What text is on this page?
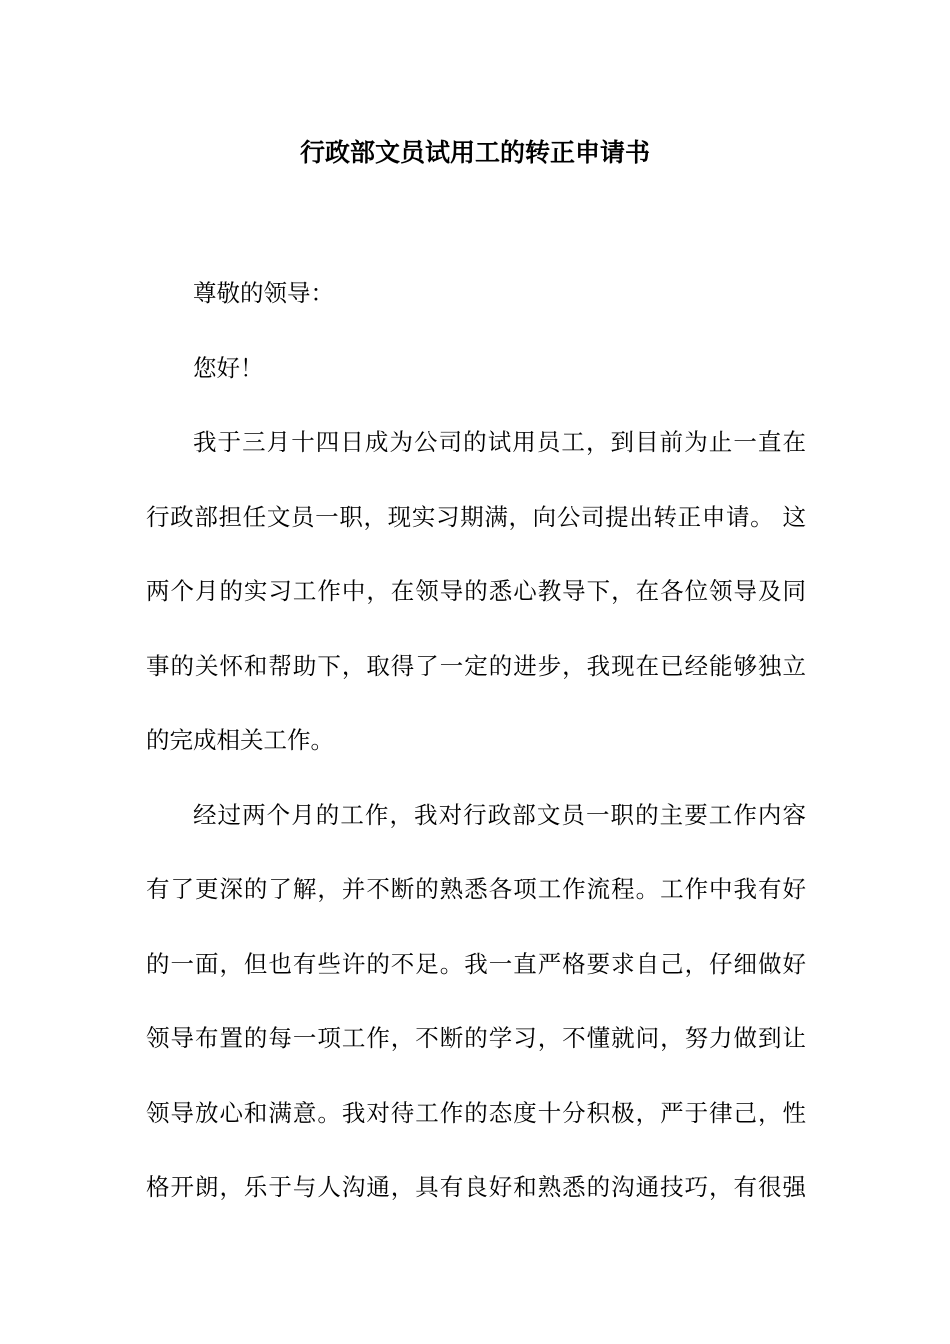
行政部文员试用工的转正申请书
尊敬的领导：
您好！
我于三月十四日成为公司的试用员工，到目前为止一直在
行政部担任文员一职，现实习期满，向公司提出转正申请。 这
两个月的实习工作中，在领导的悉心教导下，在各位领导及同
事的关怀和帮助下，取得了一定的进步，我现在已经能够独立
的完成相关工作。
经过两个月的工作，我对行政部文员一职的主要工作内容
有了更深的了解，并不断的熟悉各项工作流程。工作中我有好
的一面，但也有些许的不足。我一直严格要求自己，仔细做好
领导布置的每一项工作，不断的学习，不懂就问，努力做到让
领导放心和满意。我对待工作的态度十分积极，严于律己，性
格开朗，乐于与人沟通，具有良好和熟悉的沟通技巧，有很强
